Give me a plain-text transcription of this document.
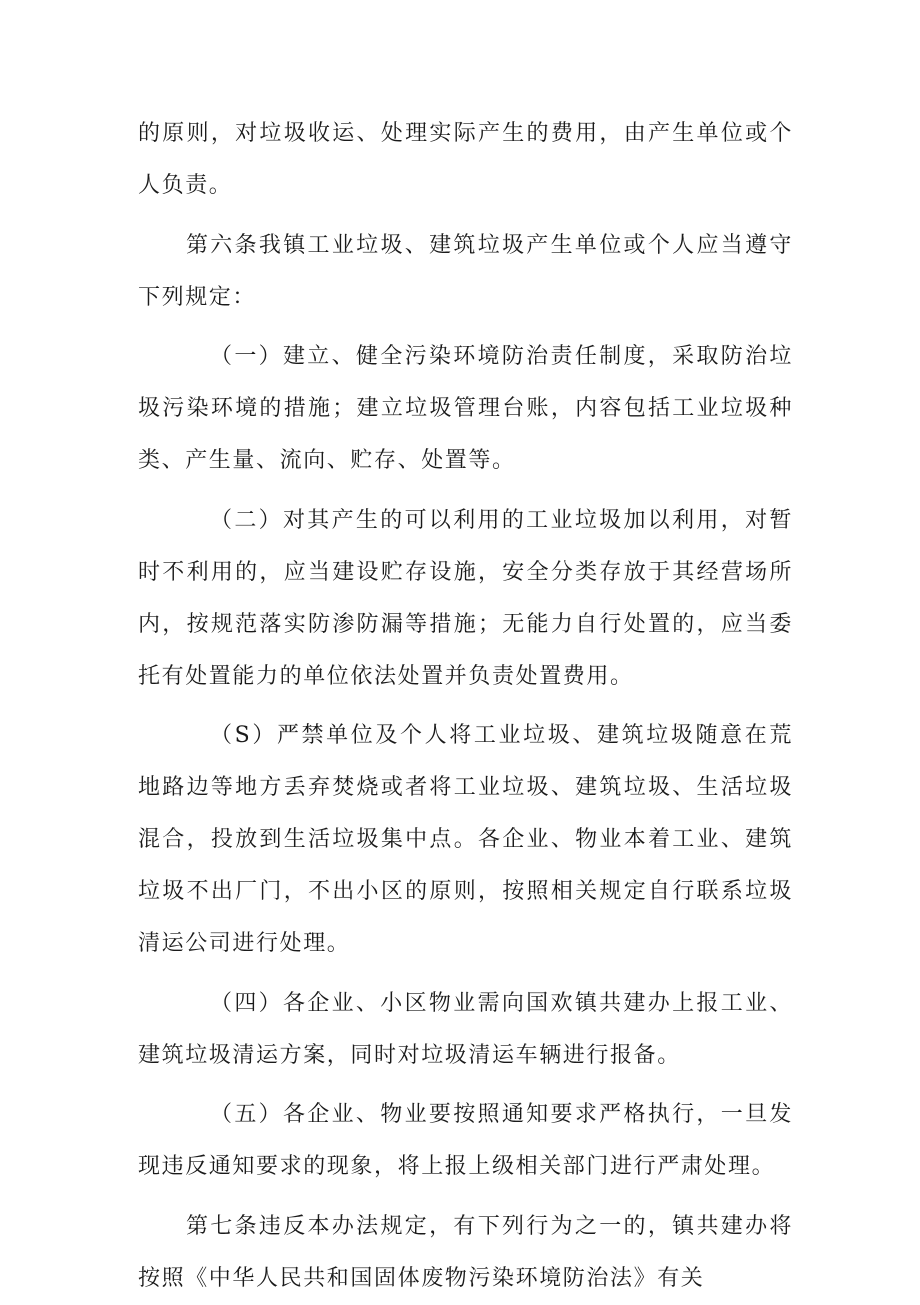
的原则，对垃圾收运、处理实际产生的费用，由产生单位或个人负责。

第六条我镇工业垃圾、建筑垃圾产生单位或个人应当遵守下列规定：

（一）建立、健全污染环境防治责任制度，采取防治垃圾污染环境的措施；建立垃圾管理台账，内容包括工业垃圾种类、产生量、流向、贮存、处置等。

（二）对其产生的可以利用的工业垃圾加以利用，对暂时不利用的，应当建设贮存设施，安全分类存放于其经营场所内，按规范落实防渗防漏等措施；无能力自行处置的，应当委托有处置能力的单位依法处置并负责处置费用。

（S）严禁单位及个人将工业垃圾、建筑垃圾随意在荒地路边等地方丢弃焚烧或者将工业垃圾、建筑垃圾、生活垃圾混合，投放到生活垃圾集中点。各企业、物业本着工业、建筑垃圾不出厂门，不出小区的原则，按照相关规定自行联系垃圾清运公司进行处理。

（四）各企业、小区物业需向国欢镇共建办上报工业、建筑垃圾清运方案，同时对垃圾清运车辆进行报备。

（五）各企业、物业要按照通知要求严格执行，一旦发现违反通知要求的现象，将上报上级相关部门进行严肃处理。

第七条违反本办法规定，有下列行为之一的，镇共建办将按照《中华人民共和国固体废物污染环境防治法》有关
